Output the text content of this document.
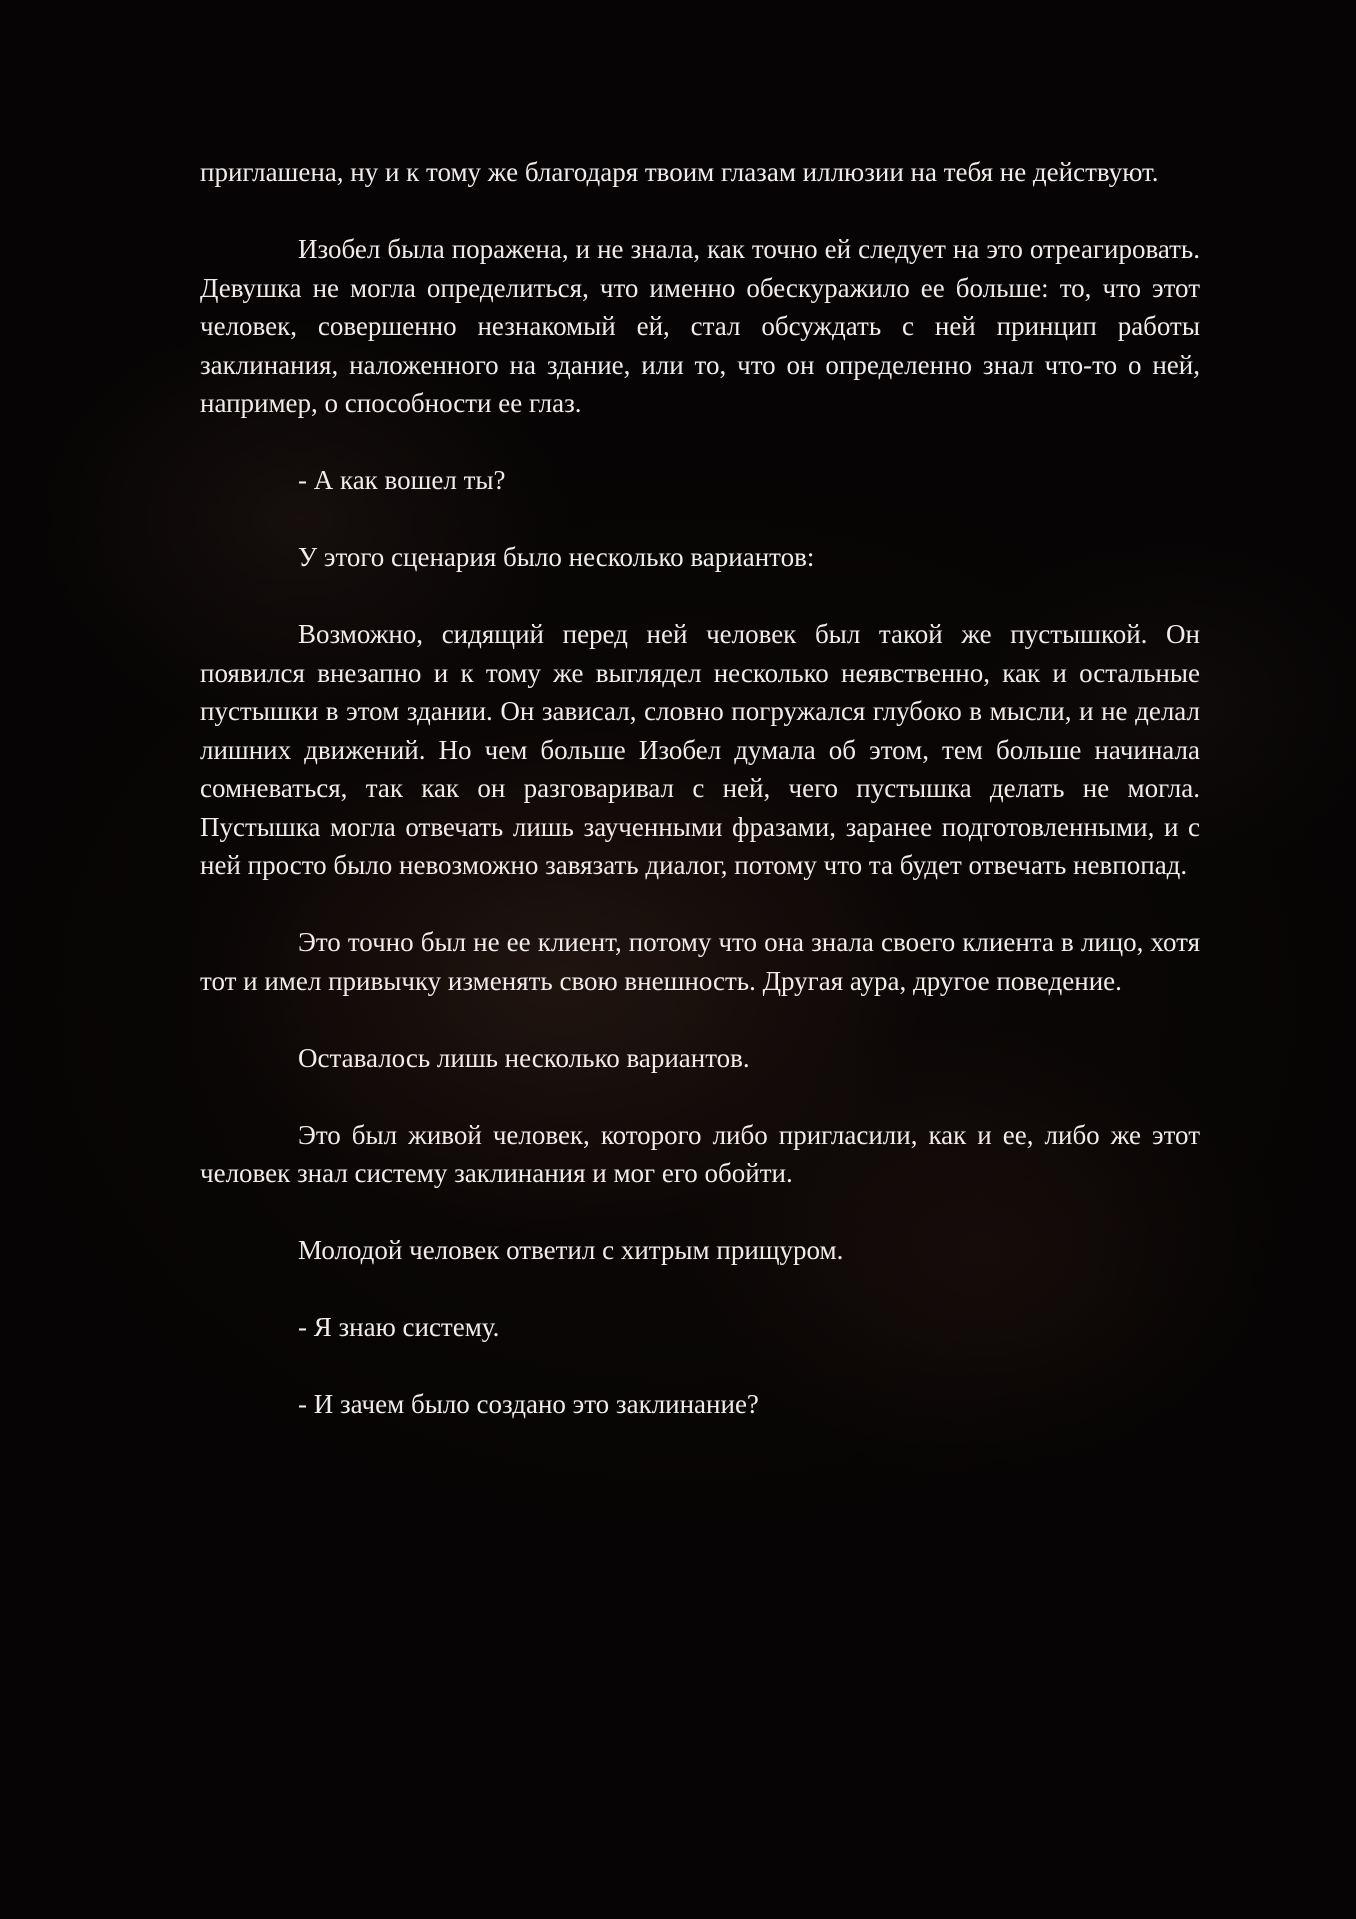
приглашена, ну и к тому же благодаря твоим глазам иллюзии на тебя не действуют.

Изобел была поражена, и не знала, как точно ей следует на это отреагировать. Девушка не могла определиться, что именно обескуражило ее больше: то, что этот человек, совершенно незнакомый ей, стал обсуждать с ней принцип работы заклинания, наложенного на здание, или то, что он определенно знал что-то о ней, например, о способности ее глаз.

- А как вошел ты?

У этого сценария было несколько вариантов:

Возможно, сидящий перед ней человек был такой же пустышкой. Он появился внезапно и к тому же выглядел несколько неявственно, как и остальные пустышки в этом здании. Он зависал, словно погружался глубоко в мысли, и не делал лишних движений. Но чем больше Изобел думала об этом, тем больше начинала сомневаться, так как он разговаривал с ней, чего пустышка делать не могла. Пустышка могла отвечать лишь заученными фразами, заранее подготовленными, и с ней просто было невозможно завязать диалог, потому что та будет отвечать невпопад.

Это точно был не ее клиент, потому что она знала своего клиента в лицо, хотя тот и имел привычку изменять свою внешность. Другая аура, другое поведение.

Оставалось лишь несколько вариантов.

Это был живой человек, которого либо пригласили, как и ее, либо же этот человек знал систему заклинания и мог его обойти.

Молодой человек ответил с хитрым прищуром.

- Я знаю систему.

- И зачем было создано это заклинание?
